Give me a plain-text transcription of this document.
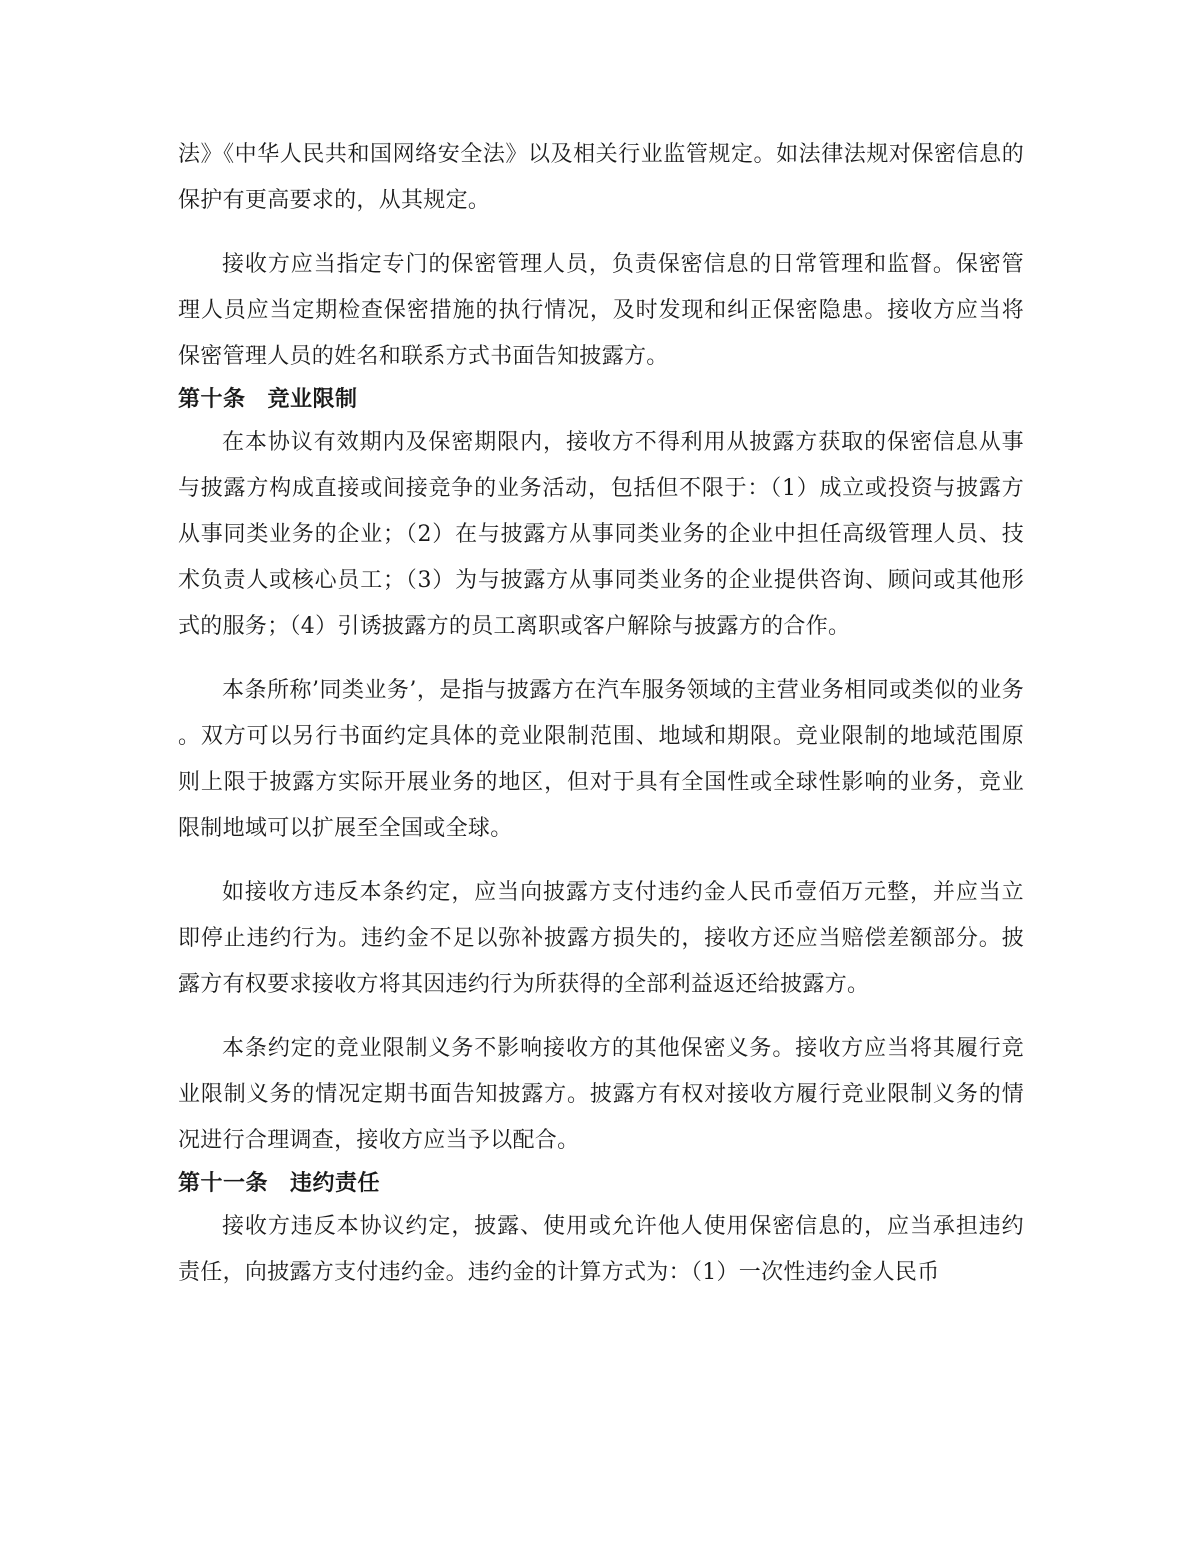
法》《中华人民共和国网络安全法》以及相关行业监管规定。如法律法规对保密信息的保护有更高要求的，从其规定。

接收方应当指定专门的保密管理人员，负责保密信息的日常管理和监督。保密管理人员应当定期检查保密措施的执行情况，及时发现和纠正保密隐患。接收方应当将保密管理人员的姓名和联系方式书面告知披露方。

第十条 竞业限制

在本协议有效期内及保密期限内，接收方不得利用从披露方获取的保密信息从事与披露方构成直接或间接竞争的业务活动，包括但不限于：（1）成立或投资与披露方从事同类业务的企业；（2）在与披露方从事同类业务的企业中担任高级管理人员、技术负责人或核心员工；（3）为与披露方从事同类业务的企业提供咨询、顾问或其他形式的服务；（4）引诱披露方的员工离职或客户解除与披露方的合作。

本条所称’同类业务’，是指与披露方在汽车服务领域的主营业务相同或类似的业务。双方可以另行书面约定具体的竞业限制范围、地域和期限。竞业限制的地域范围原则上限于披露方实际开展业务的地区，但对于具有全国性或全球性影响的业务，竞业限制地域可以扩展至全国或全球。

如接收方违反本条约定，应当向披露方支付违约金人民币壹佰万元整，并应当立即停止违约行为。违约金不足以弥补披露方损失的，接收方还应当赔偿差额部分。披露方有权要求接收方将其因违约行为所获得的全部利益返还给披露方。

本条约定的竞业限制义务不影响接收方的其他保密义务。接收方应当将其履行竞业限制义务的情况定期书面告知披露方。披露方有权对接收方履行竞业限制义务的情况进行合理调查，接收方应当予以配合。

第十一条 违约责任

接收方违反本协议约定，披露、使用或允许他人使用保密信息的，应当承担违约责任，向披露方支付违约金。违约金的计算方式为：（1）一次性违约金人民币
